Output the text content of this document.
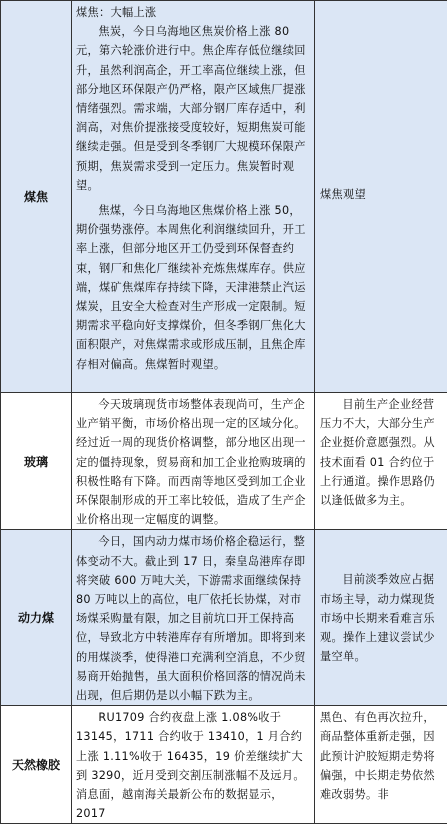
煤焦	煤焦：大幅上涨

焦炭，今日乌海地区焦炭价格上涨 80 元，第六轮涨价进行中。焦企库存低位继续回升，虽然利润高企，开工率高位继续上涨，但部分地区环保限产仍严格，限产区域焦厂提涨情绪强烈。需求端，大部分钢厂库存适中，利润高，对焦价提涨接受度较好，短期焦炭可能继续走强。但是受到冬季钢厂大规模环保限产预期，焦炭需求受到一定压力。焦炭暂时观望。

焦煤，今日乌海地区焦煤价格上涨 50，期价强势涨停。本周焦化利润继续回升，开工率上涨，但部分地区开工仍受到环保督查约束，钢厂和焦化厂继续补充炼焦煤库存。供应端，煤矿焦煤库存持续下降，天津港禁止汽运煤炭，且安全大检查对生产形成一定限制。短期需求平稳向好支撑煤价，但冬季钢厂焦化大面积限产，对焦煤需求或形成压制，且焦企库存相对偏高。焦煤暂时观望。	煤焦观望

玻璃	今天玻璃现货市场整体表现尚可，生产企业产销平衡，市场价格出现一定的区域分化。经过近一周的现货价格调整，部分地区出现一定的僵持现象，贸易商和加工企业抢购玻璃的积极性略有下降。而西南等地区受到加工企业环保限制形成的开工率比较低，造成了生产企业价格出现一定幅度的调整。	目前生产企业经营压力不大，大部分生产企业挺价意愿强烈。从技术面看 01 合约位于上行通道。操作思路仍以逢低做多为主。

动力煤	今日，国内动力煤市场价格企稳运行，整体变动不大。截止到 17 日，秦皇岛港库存即将突破 600 万吨大关，下游需求面继续保持 80 万吨以上的高位，电厂依托长协煤，对市场煤采购量有限，加之目前坑口开工保持高位，导致北方中转港库存有所增加。即将到来的用煤淡季，使得港口充满利空消息，不少贸易商开始抛售，虽大面积价格回落的情况尚未出现，但后期仍是以小幅下跌为主。	目前淡季效应占据市场主导，动力煤现货市场中长期来看难言乐观。操作上建议尝试少量空单。

天然橡胶	RU1709 合约夜盘上涨 1.08%收于 13145，1711 合约收于 13410，1 月合约上涨 1.11%收于 16435，19 价差继续扩大到 3290，近月受到交割压制涨幅不及远月。消息面，越南海关最新公布的数据显示，2017	黑色、有色再次拉升，商品整体重新走强，因此预计沪胶短期走势将偏强，中长期走势依然难改弱势。非
